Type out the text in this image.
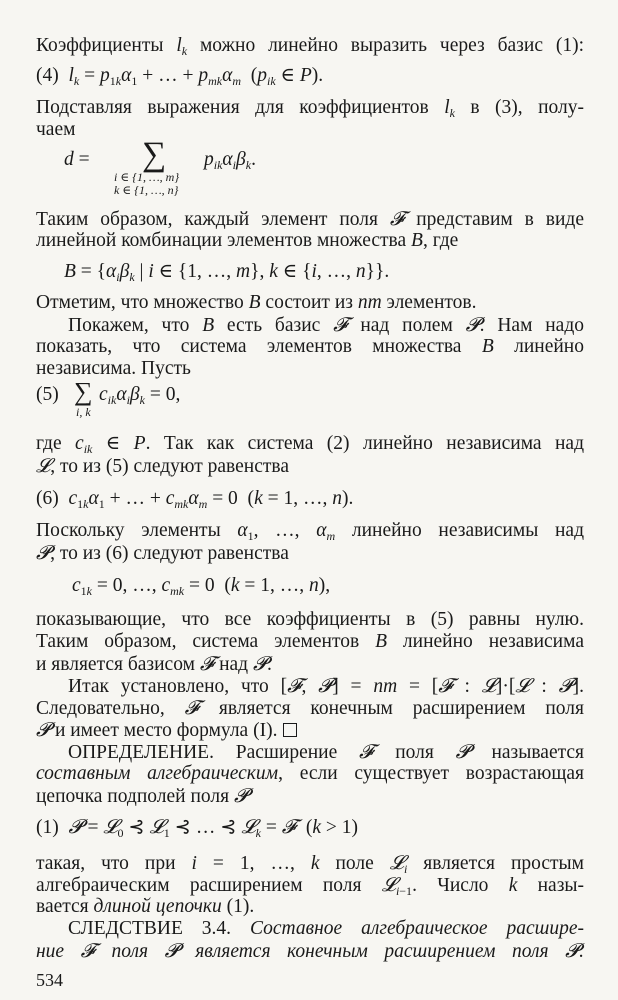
Коэффициенты $l_k$ можно линейно выразить через базис (1):
(4)  $l_k = p_{1k}\alpha_1$ + … + $p_{mk}\alpha_m$  ($p_{ik}$ ∈ P).
Подставляя выражения для коэффициентов $l_k$ в (3), полу-
чаем
d =	∑ $p_{ik}\alpha_i\beta_k$.
i ∈ {1, …, m}
k ∈ {1, …, n}
Таким образом, каждый элемент поля 𝓕 представим в виде
линейной комбинации элементов множества B, где
$B = \{\alpha_i\beta_k$ | i ∈ {1, …, m}, k ∈ {i, …, n}}.
Отметим, что множество B состоит из nm элементов.
Покажем, что B есть базис 𝓕 над полем 𝓟. Нам надо
показать, что система элементов множества B линейно
независима. Пусть
(5) ∑ $c_{ik}\alpha_i\beta_k = 0$,
i, k
где $c_{ik}$ ∈ P. Так как система (2) линейно независима над
𝓛, то из (5) следуют равенства
(6)  $c_{1k}\alpha_1$ + … + $c_{mk}\alpha_m = 0$  (k = 1, …, n).
Поскольку элементы $\alpha_1$, …, $\alpha_m$ линейно независимы над
𝓟, то из (6) следуют равенства
$c_{1k} = 0$, …, $c_{mk} = 0$  (k = 1, …, n),
показывающие, что все коэффициенты в (5) равны нулю.
Таким образом, система элементов B линейно независима
и является базисом 𝓕 над 𝓟.
Итак установлено, что [𝓕, 𝓟] = nm = [𝓕 : 𝓛]·[𝓛 : 𝓟].
Следовательно, 𝓕 является конечным расширением поля
𝓟 и имеет место формула (I).
ОПРЕДЕЛЕНИЕ. Расширение 𝓕 поля 𝓟 называется
составным алгебраическим, если существует возрастающая
цепочка подполей поля 𝓟
(1)  𝓟 = 𝓛$_0$ ⊰ 𝓛$_1$ ⊰ … ⊰ 𝓛$_k$ = 𝓕  (k > 1)
такая, что при i = 1, …, k поле 𝓛$_i$ является простым
алгебраическим расширением поля 𝓛$_{i-1}$. Число k назы-
вается длиной цепочки (1).
СЛЕДСТВИЕ 3.4. Составное алгебраическое расшире-
ние 𝓕 поля 𝓟 является конечным расширением поля 𝓟.
534
